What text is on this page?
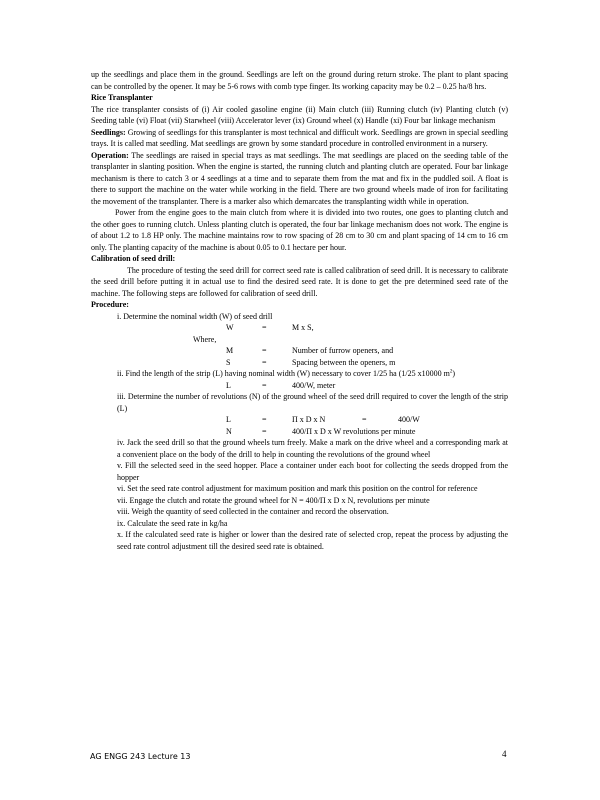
up the seedlings and place them in the ground. Seedlings are left on the ground during return stroke. The plant to plant spacing can be controlled by the opener. It may be 5-6 rows with comb type finger. Its working capacity may be 0.2 – 0.25 ha/8 hrs.

Rice Transplanter

The rice transplanter consists of (i) Air cooled gasoline engine (ii) Main clutch (iii) Running clutch (iv) Planting clutch (v) Seeding table (vi) Float (vii) Starwheel (viii) Accelerator lever (ix) Ground wheel (x) Handle (xi) Four bar linkage mechanism

Seedlings: Growing of seedlings for this transplanter is most technical and difficult work. Seedlings are grown in special seedling trays. It is called mat seedling. Mat seedlings are grown by some standard procedure in controlled environment in a nursery.

Operation: The seedlings are raised in special trays as mat seedlings. The mat seedlings are placed on the seeding table of the transplanter in slanting position. When the engine is started, the running clutch and planting clutch are operated. Four bar linkage mechanism is there to catch 3 or 4 seedlings at a time and to separate them from the mat and fix in the puddled soil. A float is there to support the machine on the water while working in the field. There are two ground wheels made of iron for facilitating the movement of the transplanter. There is a marker also which demarcates the transplanting width while in operation.

Power from the engine goes to the main clutch from where it is divided into two routes, one goes to planting clutch and the other goes to running clutch. Unless planting clutch is operated, the four bar linkage mechanism does not work. The engine is of about 1.2 to 1.8 HP only. The machine maintains row to row spacing of 28 cm to 30 cm and plant spacing of 14 cm to 16 cm only. The planting capacity of the machine is about 0.05 to 0.1 hectare per hour.

Calibration of seed drill:

The procedure of testing the seed drill for correct seed rate is called calibration of seed drill. It is necessary to calibrate the seed drill before putting it in actual use to find the desired seed rate. It is done to get the pre determined seed rate of the machine. The following steps are followed for calibration of seed drill.

Procedure:

i. Determine the nominal width (W) of seed drill

W	=	M x S,
Where,
M	=	Number of furrow openers, and
S	=	Spacing between the openers, m

ii. Find the length of the strip (L) having nominal width (W) necessary to cover 1/25 ha (1/25 x10000 $m^2$)

L	=	400/W, meter

iii. Determine the number of revolutions (N) of the ground wheel of the seed drill required to cover the length of the strip (L)

L	=	Π x D x N	=	400/W
N	=	400/Π x D x W revolutions per minute

iv. Jack the seed drill so that the ground wheels turn freely. Make a mark on the drive wheel and a corresponding mark at a convenient place on the body of the drill to help in counting the revolutions of the ground wheel

v. Fill the selected seed in the seed hopper. Place a container under each boot for collecting the seeds dropped from the hopper

vi. Set the seed rate control adjustment for maximum position and mark this position on the control for reference

vii. Engage the clutch and rotate the ground wheel for N = 400/Π x D x N, revolutions per minute

viii. Weigh the quantity of seed collected in the container and record the observation.

ix. Calculate the seed rate in kg/ha

x. If the calculated seed rate is higher or lower than the desired rate of selected crop, repeat the process by adjusting the seed rate control adjustment till the desired seed rate is obtained.

AG ENGG 243 Lecture 13	4
